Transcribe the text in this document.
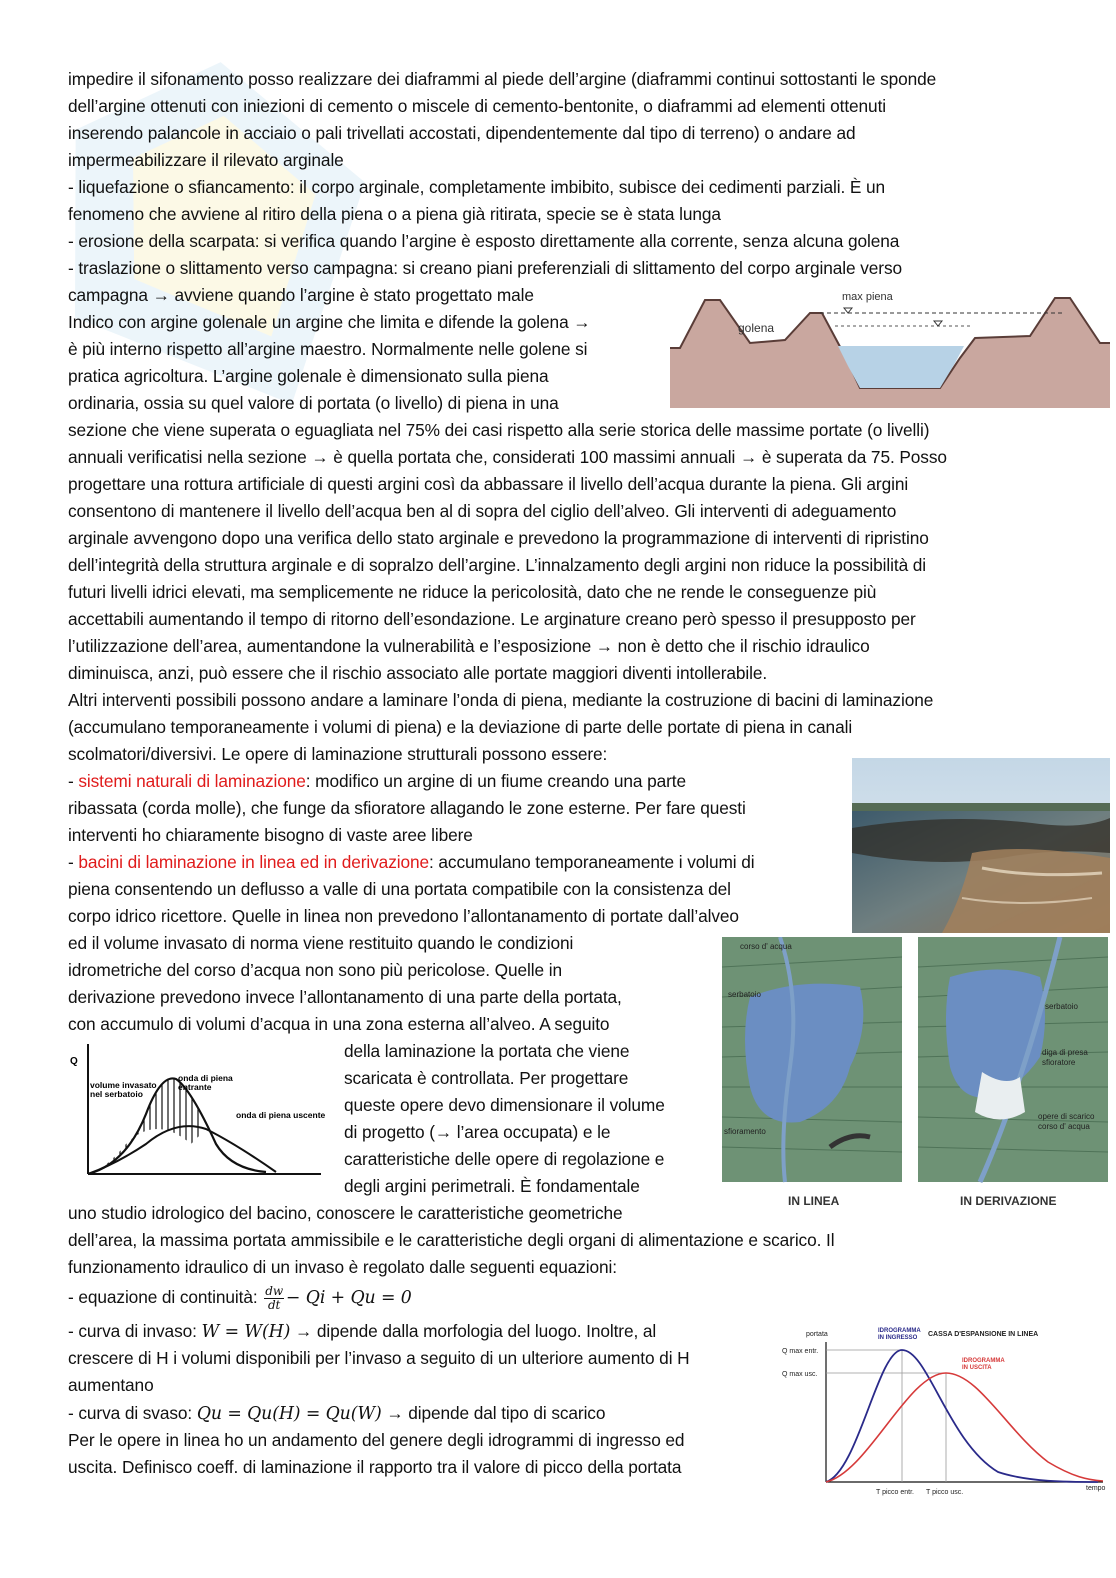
impedire il sifonamento posso realizzare dei diaframmi al piede dell’argine (diaframmi continui sottostanti le sponde
dell’argine ottenuti con iniezioni di cemento o miscele di cemento-bentonite, o diaframmi ad elementi ottenuti
inserendo palancole in acciaio o pali trivellati accostati, dipendentemente dal tipo di terreno) o andare ad
impermeabilizzare il rilevato arginale
- liquefazione o sfiancamento: il corpo arginale, completamente imbibito, subisce dei cedimenti parziali. È un
fenomeno che avviene al ritiro della piena o a piena già ritirata, specie se è stata lunga
- erosione della scarpata: si verifica quando l’argine è esposto direttamente alla corrente, senza alcuna golena
- traslazione o slittamento verso campagna: si creano piani preferenziali di slittamento del corpo arginale verso
campagna → avviene quando l’argine è stato progettato male
Indico con argine golenale un argine che limita e difende la golena →
è più interno rispetto all’argine maestro. Normalmente nelle golene si
pratica agricoltura. L’argine golenale è dimensionato sulla piena
ordinaria, ossia su quel valore di portata (o livello) di piena in una
sezione che viene superata o eguagliata nel 75% dei casi rispetto alla serie storica delle massime portate (o livelli)
annuali verificatisi nella sezione → è quella portata che, considerati 100 massimi annuali → è superata da 75. Posso
progettare una rottura artificiale di questi argini così da abbassare il livello dell’acqua durante la piena. Gli argini
consentono di mantenere il livello dell’acqua ben al di sopra del ciglio dell’alveo. Gli interventi di adeguamento
arginale avvengono dopo una verifica dello stato arginale e prevedono la programmazione di interventi di ripristino
dell’integrità della struttura arginale e di sopralzo dell’argine. L’innalzamento degli argini non riduce la possibilità di
futuri livelli idrici elevati, ma semplicemente ne riduce la pericolosità, dato che ne rende le conseguenze più
accettabili aumentando il tempo di ritorno dell’esondazione. Le arginature creano però spesso il presupposto per
l’utilizzazione dell’area, aumentandone la vulnerabilità e l’esposizione → non è detto che il rischio idraulico
diminuisca, anzi, può essere che il rischio associato alle portate maggiori diventi intollerabile.
Altri interventi possibili possono andare a laminare l’onda di piena, mediante la costruzione di bacini di laminazione
(accumulano temporaneamente i volumi di piena) e la deviazione di parte delle portate di piena in canali
scolmatori/diversivi. Le opere di laminazione strutturali possono essere:
- sistemi naturali di laminazione: modifico un argine di un fiume creando una parte
ribassata (corda molle), che funge da sfioratore allagando le zone esterne. Per fare questi
interventi ho chiaramente bisogno di vaste aree libere
- bacini di laminazione in linea ed in derivazione: accumulano temporaneamente i volumi di
piena consentendo un deflusso a valle di una portata compatibile con la consistenza del
corpo idrico ricettore. Quelle in linea non prevedono l’allontanamento di portate dall’alveo
ed il volume invasato di norma viene restituito quando le condizioni
idrometriche del corso d’acqua non sono più pericolose. Quelle in
derivazione prevedono invece l’allontanamento di una parte della portata,
con accumulo di volumi d’acqua in una zona esterna all’alveo. A seguito
della laminazione la portata che viene
scaricata è controllata. Per progettare
queste opere devo dimensionare il volume
di progetto (→ l’area occupata) e le
caratteristiche delle opere di regolazione e
degli argini perimetrali. È fondamentale
uno studio idrologico del bacino, conoscere le caratteristiche geometriche
dell’area, la massima portata ammissibile e le caratteristiche degli organi di alimentazione e scarico. Il
funzionamento idraulico di un invaso è regolato dalle seguenti equazioni:
- equazione di continuità: $\frac{dw}{dt} - Qi + Qu = 0$
- curva di invaso: W = W(H) → dipende dalla morfologia del luogo. Inoltre, al
crescere di H i volumi disponibili per l’invaso a seguito di un ulteriore aumento di H
aumentano
- curva di svaso: Qu = Qu(H) = Qu(W) → dipende dal tipo di scarico
Per le opere in linea ho un andamento del genere degli idrogrammi di ingresso ed
uscita. Definisco coeff. di laminazione il rapporto tra il valore di picco della portata
max piena
golena
corso d' acqua
serbatoio
sfioramento
serbatoio
diga di presa
sfioratore
opere di scarico
corso d' acqua
IN LINEA	IN DERIVAZIONE
Q
volume invasato nel serbatoio
onda di piena entrante
onda di piena uscente
portata	CASSA D'ESPANSIONE IN LINEA
Q max entr.
Q max usc.
IDROGRAMMA IN INGRESSO
IDROGRAMMA IN USCITA
T picco entr. T picco usc.
tempo
